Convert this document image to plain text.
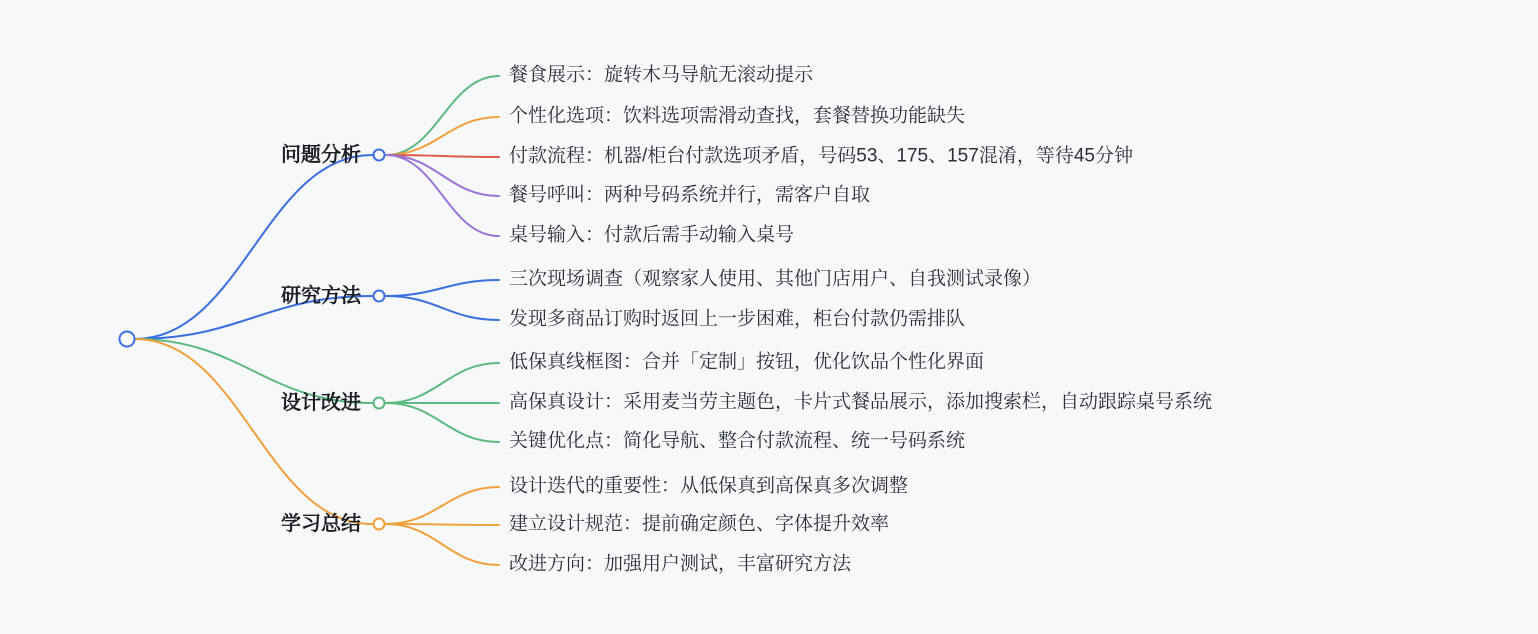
问题分析
餐食展示：旋转木马导航无滚动提示
个性化选项：饮料选项需滑动查找，套餐替换功能缺失
付款流程：机器/柜台付款选项矛盾，号码53、175、157混淆，等待45分钟
餐号呼叫：两种号码系统并行，需客户自取
桌号输入：付款后需手动输入桌号
研究方法
三次现场调查（观察家人使用、其他门店用户、自我测试录像）
发现多商品订购时返回上一步困难，柜台付款仍需排队
设计改进
低保真线框图：合并「定制」按钮，优化饮品个性化界面
高保真设计：采用麦当劳主题色，卡片式餐品展示，添加搜索栏，自动跟踪桌号系统
关键优化点：简化导航、整合付款流程、统一号码系统
学习总结
设计迭代的重要性：从低保真到高保真多次调整
建立设计规范：提前确定颜色、字体提升效率
改进方向：加强用户测试，丰富研究方法
